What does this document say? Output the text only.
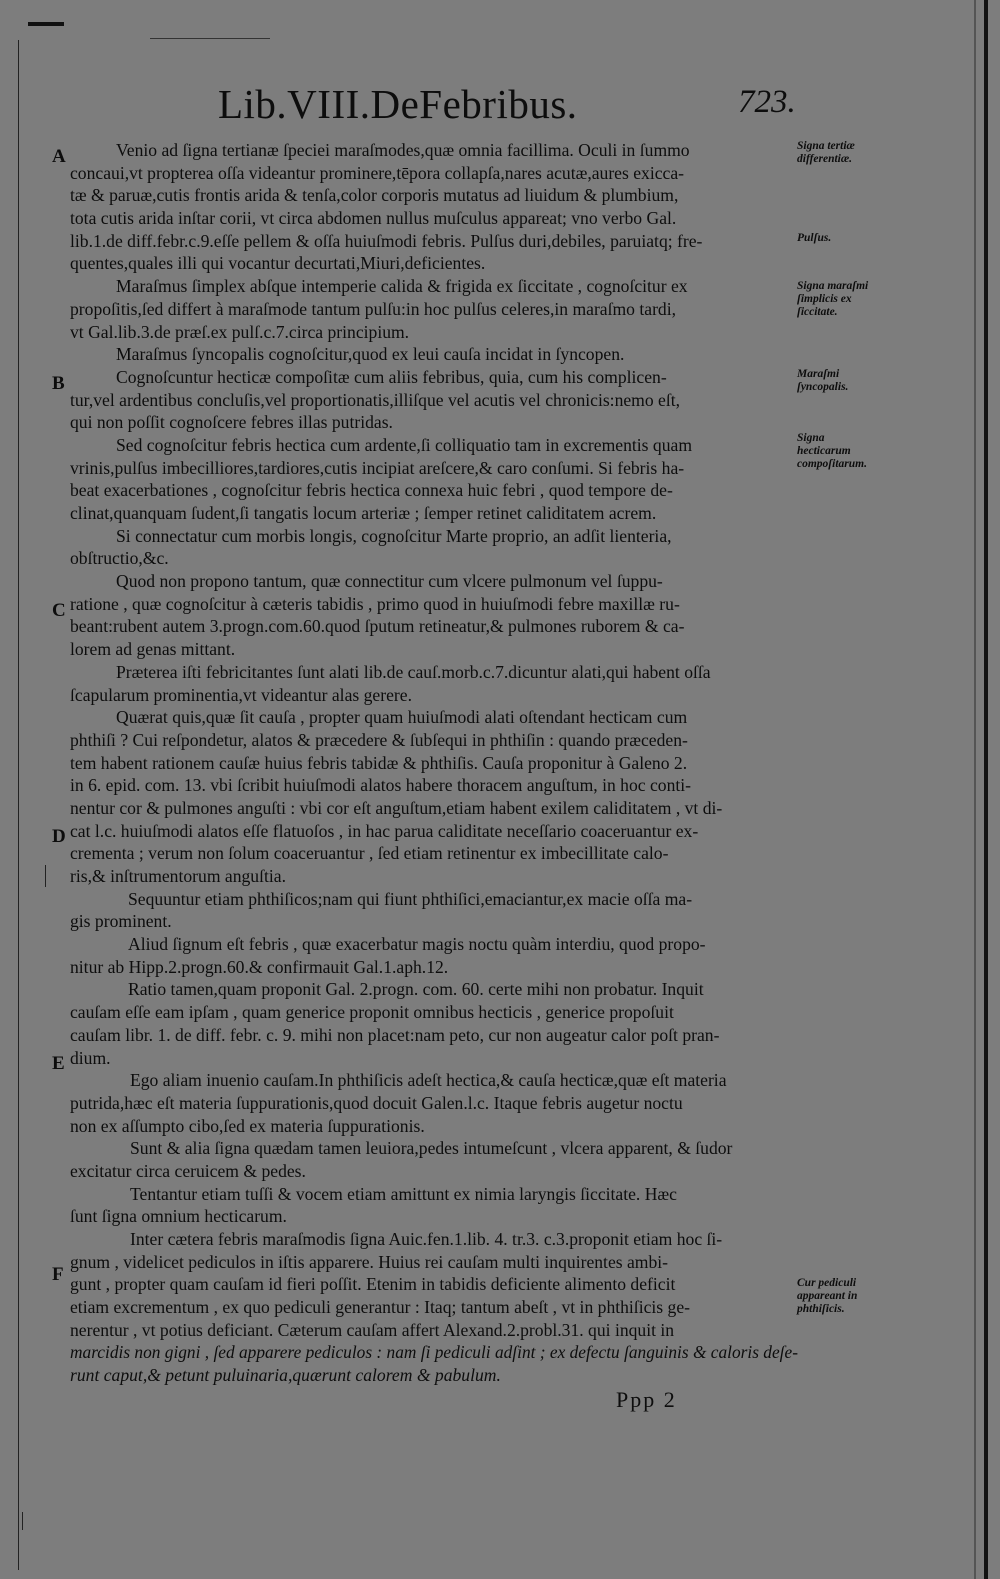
Lib.VIII.DeFebribus.	723.
A
B
C
D
E
F
Venio ad ſigna tertianæ ſpeciei maraſmodes,quæ omnia facillima. Oculi in ſummo
concaui,vt propterea oſſa videantur prominere,tēpora collapſa,nares acutæ,aures exicca-
tæ & paruæ,cutis frontis arida & tenſa,color corporis mutatus ad liuidum & plumbium,
tota cutis arida inſtar corii, vt circa abdomen nullus muſculus appareat; vno verbo Gal.
lib.1.de diff.febr.c.9.eſſe pellem & oſſa huiuſmodi febris. Pulſus duri,debiles, paruiatq; fre-
quentes,quales illi qui vocantur decurtati,Miuri,deficientes.
Maraſmus ſimplex abſque intemperie calida & frigida ex ſiccitate , cognoſcitur ex
propoſitis,ſed differt à maraſmode tantum pulſu:in hoc pulſus celeres,in maraſmo tardi,
vt Gal.lib.3.de præſ.ex pulſ.c.7.circa principium.
Maraſmus ſyncopalis cognoſcitur,quod ex leui cauſa incidat in ſyncopen.
Cognoſcuntur hecticæ compoſitæ cum aliis febribus, quia, cum his complicen-
tur,vel ardentibus concluſis,vel proportionatis,illiſque vel acutis vel chronicis:nemo eſt,
qui non poſſit cognoſcere febres illas putridas.
Sed cognoſcitur febris hectica cum ardente,ſi colliquatio tam in excrementis quam
vrinis,pulſus imbecilliores,tardiores,cutis incipiat areſcere,& caro conſumi. Si febris ha-
beat exacerbationes , cognoſcitur febris hectica connexa huic febri , quod tempore de-
clinat,quanquam ſudent,ſi tangatis locum arteriæ ; ſemper retinet caliditatem acrem.
Si connectatur cum morbis longis, cognoſcitur Marte proprio, an adſit lienteria,
obſtructio,&c.
Quod non propono tantum, quæ connectitur cum vlcere pulmonum vel ſuppu-
ratione , quæ cognoſcitur à cæteris tabidis , primo quod in huiuſmodi febre maxillæ ru-
beant:rubent autem 3.progn.com.60.quod ſputum retineatur,& pulmones ruborem & ca-
lorem ad genas mittant.
Præterea iſti febricitantes ſunt alati lib.de cauſ.morb.c.7.dicuntur alati,qui habent oſſa
ſcapularum prominentia,vt videantur alas gerere.
Quærat quis,quæ ſit cauſa , propter quam huiuſmodi alati oſtendant hecticam cum
phthiſi ? Cui reſpondetur, alatos & præcedere & ſubſequi in phthiſin : quando præceden-
tem habent rationem cauſæ huius febris tabidæ & phthiſis. Cauſa proponitur à Galeno 2.
in 6. epid. com. 13. vbi ſcribit huiuſmodi alatos habere thoracem anguſtum, in hoc conti-
nentur cor & pulmones anguſti : vbi cor eſt anguſtum,etiam habent exilem caliditatem , vt di-
cat l.c. huiuſmodi alatos eſſe flatuoſos , in hac parua caliditate neceſſario coaceruantur ex-
crementa ; verum non ſolum coaceruantur , ſed etiam retinentur ex imbecillitate calo-
ris,& inſtrumentorum anguſtia.
Sequuntur etiam phthiſicos;nam qui fiunt phthiſici,emaciantur,ex macie oſſa ma-
gis prominent.
Aliud ſignum eſt febris , quæ exacerbatur magis noctu quàm interdiu, quod propo-
nitur ab Hipp.2.progn.60.& confirmauit Gal.1.aph.12.
Ratio tamen,quam proponit Gal. 2.progn. com. 60. certe mihi non probatur. Inquit
cauſam eſſe eam ipſam , quam generice proponit omnibus hecticis , generice propoſuit
cauſam libr. 1. de diff. febr. c. 9. mihi non placet:nam peto, cur non augeatur calor poſt pran-
dium.
Ego aliam inuenio cauſam.In phthiſicis adeſt hectica,& cauſa hecticæ,quæ eſt materia
putrida,hæc eſt materia ſuppurationis,quod docuit Galen.l.c. Itaque febris augetur noctu
non ex aſſumpto cibo,ſed ex materia ſuppurationis.
Sunt & alia ſigna quædam tamen leuiora,pedes intumeſcunt , vlcera apparent, & ſudor
excitatur circa ceruicem & pedes.
Tentantur etiam tuſſi & vocem etiam amittunt ex nimia laryngis ſiccitate. Hæc
ſunt ſigna omnium hecticarum.
Inter cætera febris maraſmodis ſigna Auic.fen.1.lib. 4. tr.3. c.3.proponit etiam hoc ſi-
gnum , videlicet pediculos in iſtis apparere. Huius rei cauſam multi inquirentes ambi-
gunt , propter quam cauſam id fieri poſſit. Etenim in tabidis deficiente alimento deficit
etiam excrementum , ex quo pediculi generantur : Itaq; tantum abeſt , vt in phthiſicis ge-
nerentur , vt potius deficiant. Cæterum cauſam affert Alexand.2.probl.31. qui inquit in
marcidis non gigni , ſed apparere pediculos : nam ſi pediculi adſint ; ex defectu ſanguinis & caloris deſe-
runt caput,& petunt puluinaria,quærunt calorem & pabulum.
Signa tertiæ differentiæ.
Pulſus.
Signa maraſmi ſimplicis ex ſiccitate.
Maraſmi ſyncopalis.
Signa hecticarum compoſitarum.
Cur pediculi appareant in phthiſicis.
Ppp 2
